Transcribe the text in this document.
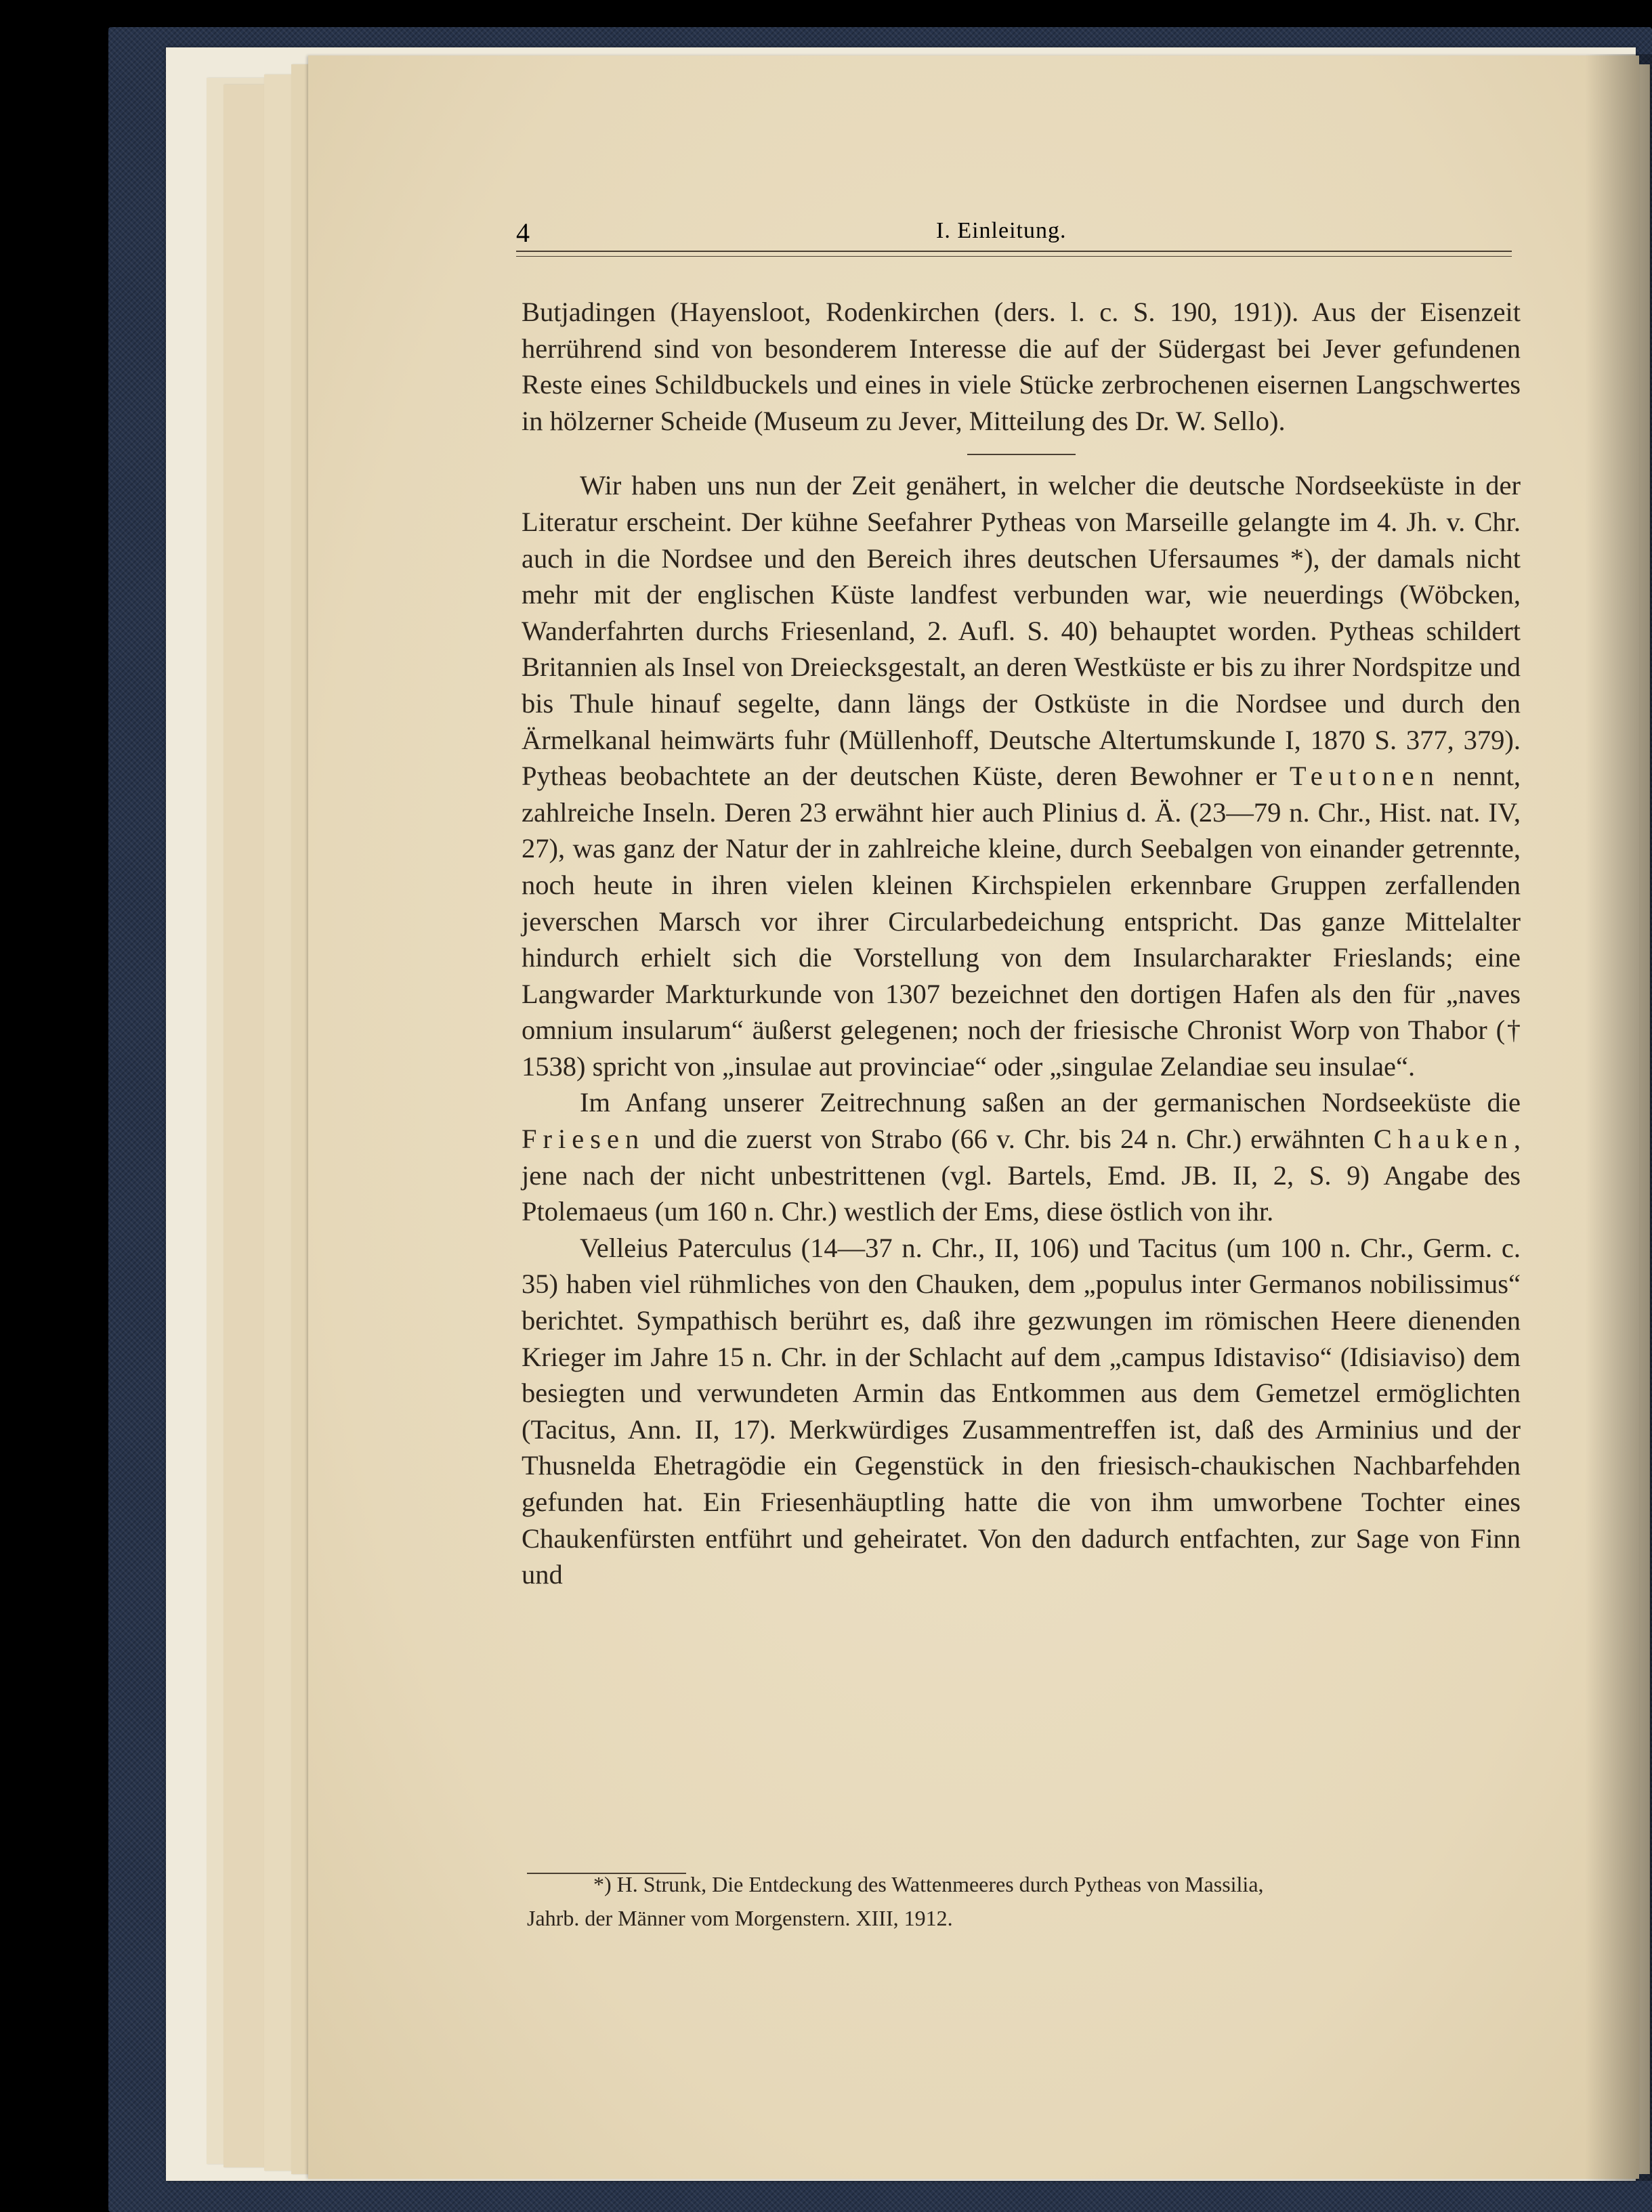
4	I. Einleitung.

Butjadingen (Hayensloot, Rodenkirchen (ders. l. c. S. 190, 191)). Aus der Eisenzeit herrührend sind von besonderem Interesse die auf der Südergast bei Jever gefundenen Reste eines Schildbuckels und eines in viele Stücke zerbrochenen eisernen Langschwertes in hölzerner Scheide (Museum zu Jever, Mitteilung des Dr. W. Sello).

Wir haben uns nun der Zeit genähert, in welcher die deutsche Nordseeküste in der Literatur erscheint. Der kühne Seefahrer Pytheas von Marseille gelangte im 4. Jh. v. Chr. auch in die Nordsee und den Bereich ihres deutschen Ufersaumes *), der damals nicht mehr mit der englischen Küste landfest verbunden war, wie neuerdings (Wöbcken, Wanderfahrten durchs Friesenland, 2. Aufl. S. 40) behauptet worden. Pytheas schildert Britannien als Insel von Dreiecksgestalt, an deren Westküste er bis zu ihrer Nordspitze und bis Thule hinauf segelte, dann längs der Ostküste in die Nordsee und durch den Ärmelkanal heimwärts fuhr (Müllenhoff, Deutsche Altertumskunde I, 1870 S. 377, 379). Pytheas beobachtete an der deutschen Küste, deren Bewohner er Teutonen nennt, zahlreiche Inseln. Deren 23 erwähnt hier auch Plinius d. Ä. (23—79 n. Chr., Hist. nat. IV, 27), was ganz der Natur der in zahlreiche kleine, durch Seebalgen von einander getrennte, noch heute in ihren vielen kleinen Kirchspielen erkennbare Gruppen zerfallenden jeverschen Marsch vor ihrer Circularbedeichung entspricht. Das ganze Mittelalter hindurch erhielt sich die Vorstellung von dem Insularcharakter Frieslands; eine Langwarder Markturkunde von 1307 bezeichnet den dortigen Hafen als den für „naves omnium insularum“ äußerst gelegenen; noch der friesische Chronist Worp von Thabor († 1538) spricht von „insulae aut provinciae“ oder „singulae Zelandiae seu insulae“.

Im Anfang unserer Zeitrechnung saßen an der germanischen Nordseeküste die Friesen und die zuerst von Strabo (66 v. Chr. bis 24 n. Chr.) erwähnten Chauken, jene nach der nicht unbestrittenen (vgl. Bartels, Emd. JB. II, 2, S. 9) Angabe des Ptolemaeus (um 160 n. Chr.) westlich der Ems, diese östlich von ihr.

Velleius Paterculus (14—37 n. Chr., II, 106) und Tacitus (um 100 n. Chr., Germ. c. 35) haben viel rühmliches von den Chauken, dem „populus inter Germanos nobilissimus“ berichtet. Sympathisch berührt es, daß ihre gezwungen im römischen Heere dienenden Krieger im Jahre 15 n. Chr. in der Schlacht auf dem „campus Idistaviso“ (Idisiaviso) dem besiegten und verwundeten Armin das Entkommen aus dem Gemetzel ermöglichten (Tacitus, Ann. II, 17). Merkwürdiges Zusammentreffen ist, daß des Arminius und der Thusnelda Ehetragödie ein Gegenstück in den friesisch-chaukischen Nachbarfehden gefunden hat. Ein Friesenhäuptling hatte die von ihm umworbene Tochter eines Chaukenfürsten entführt und geheiratet. Von den dadurch entfachten, zur Sage von Finn und

*) H. Strunk, Die Entdeckung des Wattenmeeres durch Pytheas von Massilia,

Jahrb. der Männer vom Morgenstern. XIII, 1912.
